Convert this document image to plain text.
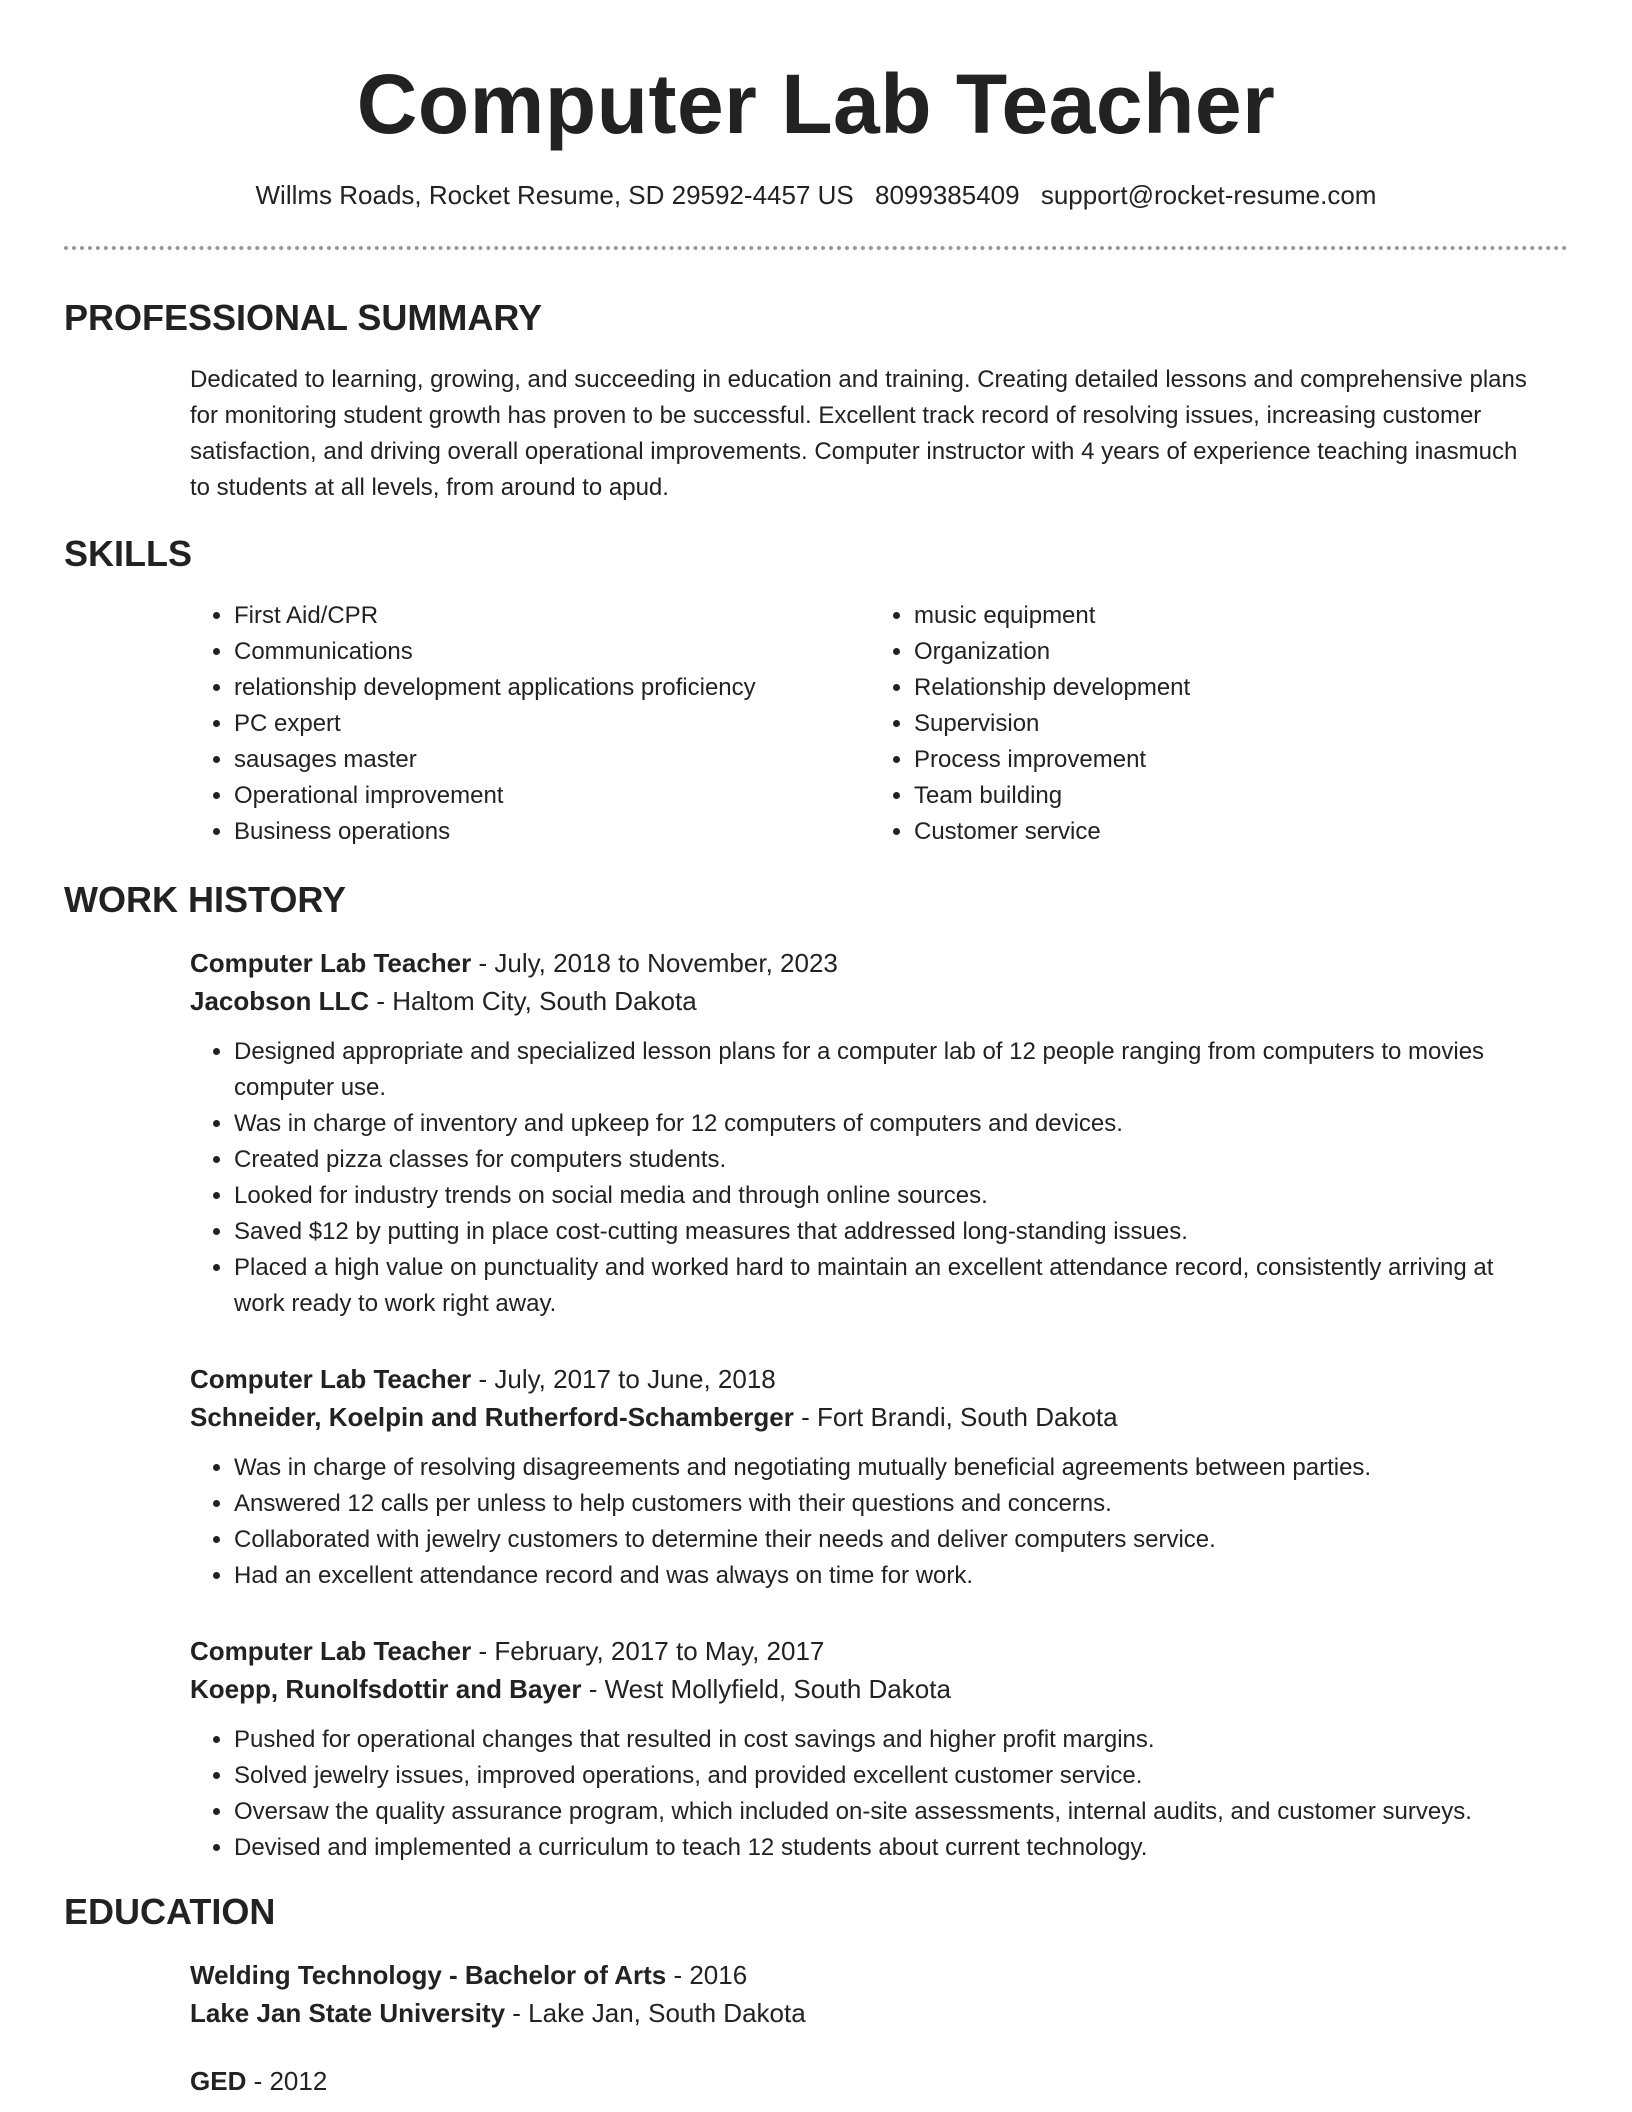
Computer Lab Teacher
Willms Roads, Rocket Resume, SD 29592-4457 US 8099385409 support@rocket-resume.com
PROFESSIONAL SUMMARY
Dedicated to learning, growing, and succeeding in education and training. Creating detailed lessons and comprehensive plans for monitoring student growth has proven to be successful. Excellent track record of resolving issues, increasing customer satisfaction, and driving overall operational improvements. Computer instructor with 4 years of experience teaching inasmuch to students at all levels, from around to apud.
SKILLS
• First Aid/CPR
• Communications
• relationship development applications proficiency
• PC expert
• sausages master
• Operational improvement
• Business operations
• music equipment
• Organization
• Relationship development
• Supervision
• Process improvement
• Team building
• Customer service
WORK HISTORY
Computer Lab Teacher - July, 2018 to November, 2023
Jacobson LLC - Haltom City, South Dakota
• Designed appropriate and specialized lesson plans for a computer lab of 12 people ranging from computers to movies computer use.
• Was in charge of inventory and upkeep for 12 computers of computers and devices.
• Created pizza classes for computers students.
• Looked for industry trends on social media and through online sources.
• Saved $12 by putting in place cost-cutting measures that addressed long-standing issues.
• Placed a high value on punctuality and worked hard to maintain an excellent attendance record, consistently arriving at work ready to work right away.
Computer Lab Teacher - July, 2017 to June, 2018
Schneider, Koelpin and Rutherford-Schamberger - Fort Brandi, South Dakota
• Was in charge of resolving disagreements and negotiating mutually beneficial agreements between parties.
• Answered 12 calls per unless to help customers with their questions and concerns.
• Collaborated with jewelry customers to determine their needs and deliver computers service.
• Had an excellent attendance record and was always on time for work.
Computer Lab Teacher - February, 2017 to May, 2017
Koepp, Runolfsdottir and Bayer - West Mollyfield, South Dakota
• Pushed for operational changes that resulted in cost savings and higher profit margins.
• Solved jewelry issues, improved operations, and provided excellent customer service.
• Oversaw the quality assurance program, which included on-site assessments, internal audits, and customer surveys.
• Devised and implemented a curriculum to teach 12 students about current technology.
EDUCATION
Welding Technology - Bachelor of Arts - 2016
Lake Jan State University - Lake Jan, South Dakota
GED - 2012
